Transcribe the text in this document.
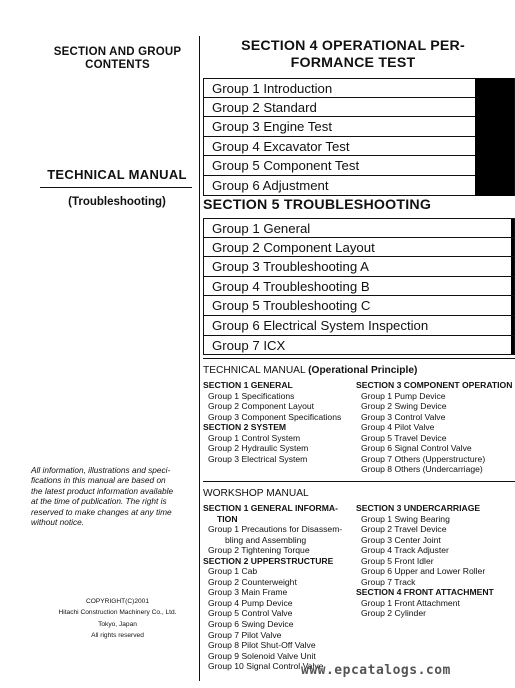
SECTION AND GROUP
CONTENTS
TECHNICAL MANUAL
(Troubleshooting)
All information, illustrations and speci-
fications in this manual are based on
the latest product information available
at the time of publication. The right is
reserved to make changes at any time
without notice.
COPYRIGHT(C)2001
Hitachi Construction Machinery Co., Ltd.
Tokyo, Japan
All rights reserved
SECTION 4 OPERATIONAL PER-
FORMANCE TEST
Group 1 Introduction
Group 2 Standard
Group 3 Engine Test
Group 4 Excavator Test
Group 5 Component Test
Group 6 Adjustment
SECTION 5 TROUBLESHOOTING
Group 1 General
Group 2 Component Layout
Group 3 Troubleshooting A
Group 4 Troubleshooting B
Group 5 Troubleshooting C
Group 6 Electrical System Inspection
Group 7 ICX
TECHNICAL MANUAL (Operational Principle)
SECTION 1 GENERAL
Group 1 Specifications
Group 2 Component Layout
Group 3 Component Specifications
SECTION 2 SYSTEM
Group 1 Control System
Group 2 Hydraulic System
Group 3 Electrical System
SECTION 3 COMPONENT OPERATION
Group 1 Pump Device
Group 2 Swing Device
Group 3 Control Valve
Group 4 Pilot Valve
Group 5 Travel Device
Group 6 Signal Control Valve
Group 7 Others (Upperstructure)
Group 8 Others (Undercarriage)
WORKSHOP MANUAL
SECTION 1 GENERAL INFORMA-
TION
Group 1 Precautions for Disassem-
bling and Assembling
Group 2 Tightening Torque
SECTION 2 UPPERSTRUCTURE
Group 1 Cab
Group 2 Counterweight
Group 3 Main Frame
Group 4 Pump Device
Group 5 Control Valve
Group 6 Swing Device
Group 7 Pilot Valve
Group 8 Pilot Shut-Off Valve
Group 9 Solenoid Valve Unit
Group 10 Signal Control Valve
SECTION 3 UNDERCARRIAGE
Group 1 Swing Bearing
Group 2 Travel Device
Group 3 Center Joint
Group 4 Track Adjuster
Group 5 Front Idler
Group 6 Upper and Lower Roller
Group 7 Track
SECTION 4 FRONT ATTACHMENT
Group 1 Front Attachment
Group 2 Cylinder
www.epcatalogs.com
